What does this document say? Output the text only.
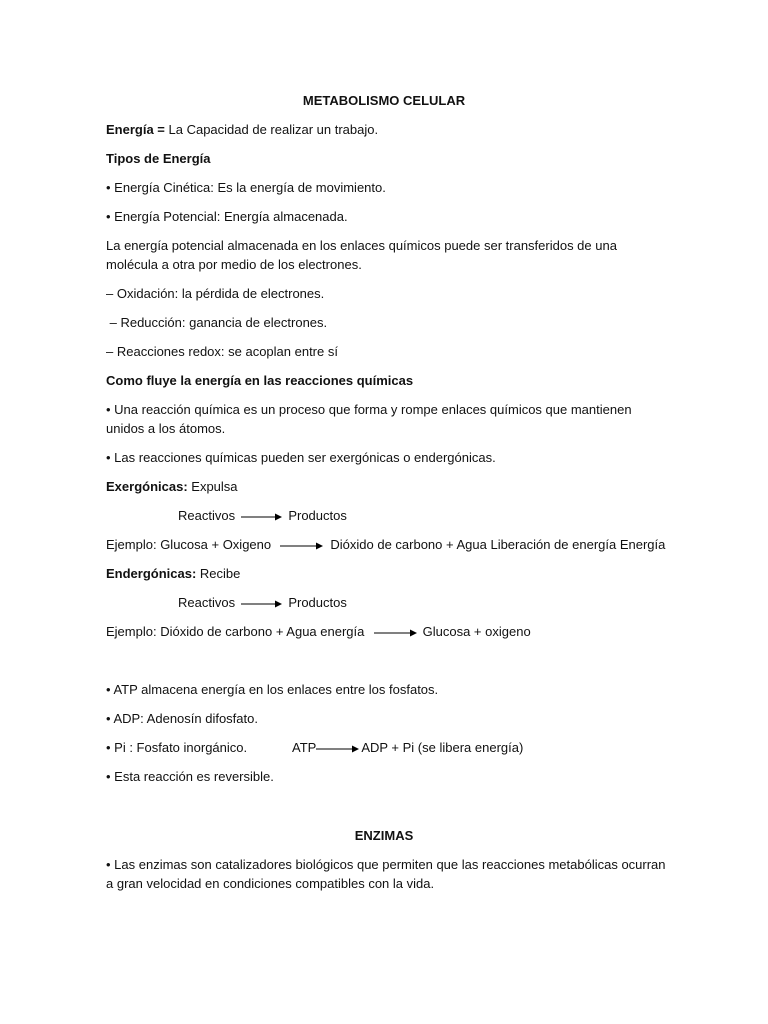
METABOLISMO CELULAR
Energía = La Capacidad de realizar un trabajo.
Tipos de Energía
• Energía Cinética: Es la energía de movimiento.
• Energía Potencial: Energía almacenada.
La energía potencial almacenada en los enlaces químicos puede ser transferidos de una molécula a otra por medio de los electrones.
– Oxidación: la pérdida de electrones.
– Reducción: ganancia de electrones.
– Reacciones redox: se acoplan entre sí
Como fluye la energía en las reacciones químicas
• Una reacción química es un proceso que forma y rompe enlaces químicos que mantienen unidos a los átomos.
• Las reacciones químicas pueden ser exergónicas o endergónicas.
Exergónicas: Expulsa
Reactivos	Productos
Ejemplo: Glucosa + Oxigeno	Dióxido de carbono + Agua Liberación de energía Energía
Endergónicas: Recibe
Reactivos	Productos
Ejemplo: Dióxido de carbono + Agua energía	Glucosa + oxigeno
• ATP almacena energía en los enlaces entre los fosfatos.
• ADP: Adenosín difosfato.
• Pi : Fosfato inorgánico.	ATP	ADP + Pi (se libera energía)
• Esta reacción es reversible.
ENZIMAS
• Las enzimas son catalizadores biológicos que permiten que las reacciones metabólicas ocurran a gran velocidad en condiciones compatibles con la vida.
